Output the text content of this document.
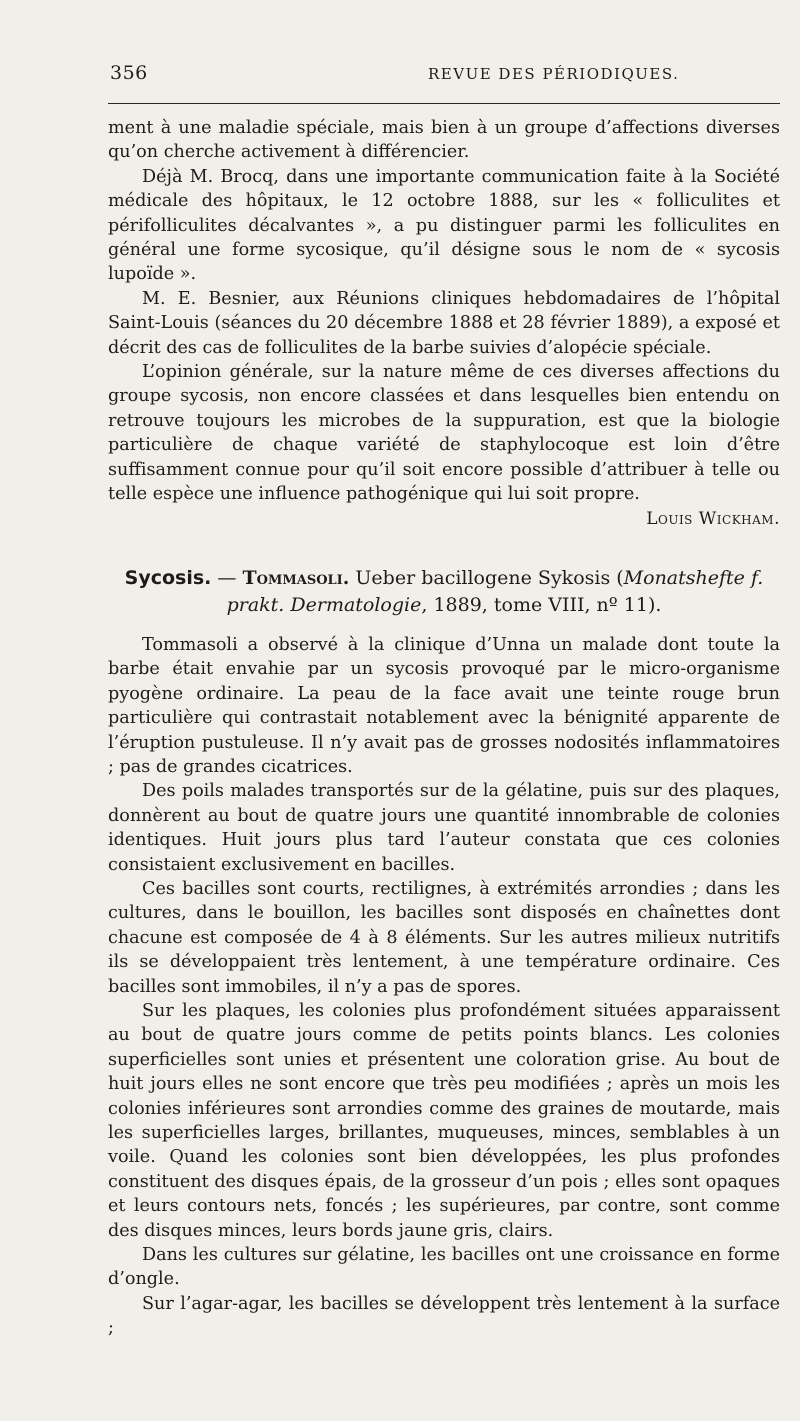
356	REVUE DES PÉRIODIQUES.

ment à une maladie spéciale, mais bien à un groupe d’affections diverses qu’on cherche activement à différencier.

Déjà M. Brocq, dans une importante communication faite à la Société médicale des hôpitaux, le 12 octobre 1888, sur les « folliculites et périfolliculites décalvantes », a pu distinguer parmi les folliculites en général une forme sycosique, qu’il désigne sous le nom de « sycosis lupoïde ».

M. E. Besnier, aux Réunions cliniques hebdomadaires de l’hôpital Saint-Louis (séances du 20 décembre 1888 et 28 février 1889), a exposé et décrit des cas de folliculites de la barbe suivies d’alopécie spéciale.

L’opinion générale, sur la nature même de ces diverses affections du groupe sycosis, non encore classées et dans lesquelles bien entendu on retrouve toujours les microbes de la suppuration, est que la biologie particulière de chaque variété de staphylocoque est loin d’être suffisamment connue pour qu’il soit encore possible d’attribuer à telle ou telle espèce une influence pathogénique qui lui soit propre.

Louis Wickham.

Sycosis. — Tommasoli. Ueber bacillogene Sykosis (Monatshefte f. prakt. Dermatologie, 1889, tome VIII, nº 11).

Tommasoli a observé à la clinique d’Unna un malade dont toute la barbe était envahie par un sycosis provoqué par le micro-organisme pyogène ordinaire. La peau de la face avait une teinte rouge brun particulière qui contrastait notablement avec la bénignité apparente de l’éruption pustuleuse. Il n’y avait pas de grosses nodosités inflammatoires ; pas de grandes cicatrices.

Des poils malades transportés sur de la gélatine, puis sur des plaques, donnèrent au bout de quatre jours une quantité innombrable de colonies identiques. Huit jours plus tard l’auteur constata que ces colonies consistaient exclusivement en bacilles.

Ces bacilles sont courts, rectilignes, à extrémités arrondies ; dans les cultures, dans le bouillon, les bacilles sont disposés en chaînettes dont chacune est composée de 4 à 8 éléments. Sur les autres milieux nutritifs ils se développaient très lentement, à une température ordinaire. Ces bacilles sont immobiles, il n’y a pas de spores.

Sur les plaques, les colonies plus profondément situées apparaissent au bout de quatre jours comme de petits points blancs. Les colonies superficielles sont unies et présentent une coloration grise. Au bout de huit jours elles ne sont encore que très peu modifiées ; après un mois les colonies inférieures sont arrondies comme des graines de moutarde, mais les superficielles larges, brillantes, muqueuses, minces, semblables à un voile. Quand les colonies sont bien développées, les plus profondes constituent des disques épais, de la grosseur d’un pois ; elles sont opaques et leurs contours nets, foncés ; les supérieures, par contre, sont comme des disques minces, leurs bords jaune gris, clairs.

Dans les cultures sur gélatine, les bacilles ont une croissance en forme d’ongle.

Sur l’agar-agar, les bacilles se développent très lentement à la surface ;
